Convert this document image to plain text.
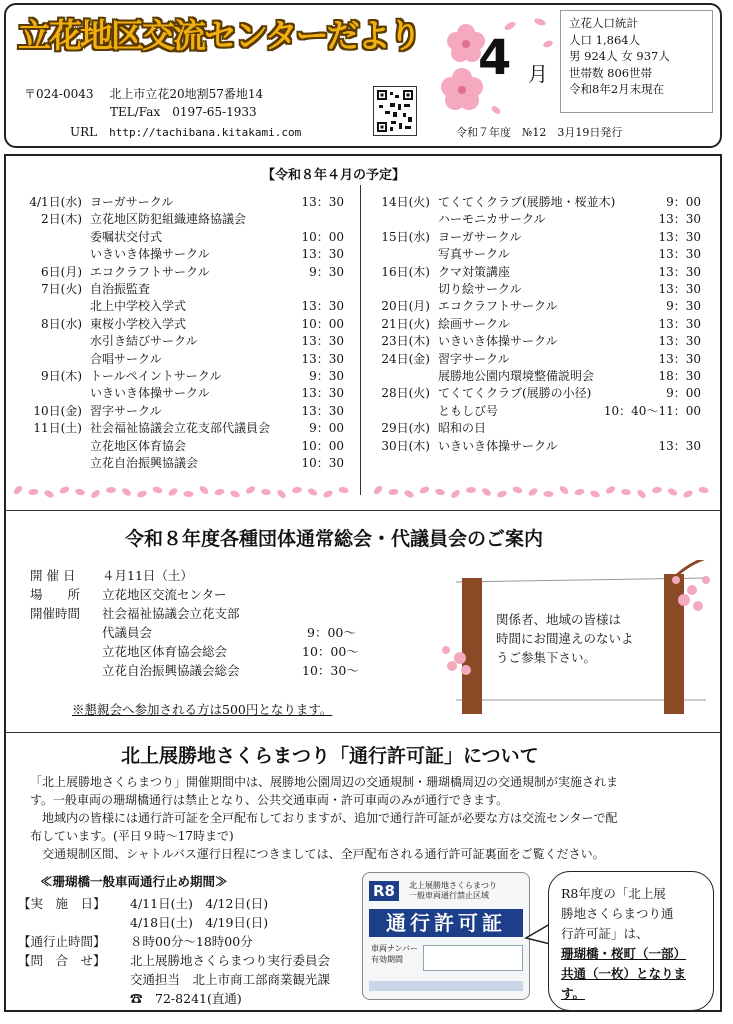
立花地区交流センターだより
〒024-0043　 北上市立花20地割57番地14
TEL/Fax　0197-65-1933
URL　 http://tachibana.kitakami.com
4 月
立花人口統計
人口 1,864人
男 924人 女 937人
世帯数 806世帯
令和8年2月末現在
令和７年度　№12　3月19日発行
【令和８年４月の予定】
4/1日(水) ヨーガサークル	13：30
2日(木) 立花地区防犯組織連絡協議会
委嘱状交付式	10：00
いきいき体操サークル	13：30
6日(月) エコクラフトサークル	9：30
7日(火) 自治振監査
北上中学校入学式	13：30
8日(水) 東桜小学校入学式	10：00
水引き結びサークル	13：30
合唱サークル	13：30
9日(木) トールペイントサークル	9：30
いきいき体操サークル	13：30
10日(金) 習字サークル	13：30
11日(土) 社会福祉協議会立花支部代議員会	9：00
立花地区体育協会	10：00
立花自治振興協議会	10：30
14日(火) てくてくクラブ(展勝地・桜並木)	9：00
ハーモニカサークル	13：30
15日(水) ヨーガサークル	13：30
写真サークル	13：30
16日(木) クマ対策講座	13：30
切り絵サークル	13：30
20日(月) エコクラフトサークル	9：30
21日(火) 絵画サークル	13：30
23日(木) いきいき体操サークル	13：30
24日(金) 習字サークル	13：30
展勝地公園内環境整備説明会	18：30
28日(火) てくてくクラブ(展勝の小径)	9：00
ともしび号	10：40～11：00
29日(水) 昭和の日
30日(木) いきいき体操サークル	13：30
令和８年度各種団体通常総会・代議員会のご案内
開 催 日 ４月11日（土）
場　　所 立花地区交流センター
開催時間 社会福祉協議会立花支部
代議員会	9：00～
立花地区体育協会総会	10：00～
立花自治振興協議会総会	10：30～
※懇親会へ参加される方は500円となります。
関係者、地域の皆様は
時間にお間違えのないよ
うご参集下さい。
北上展勝地さくらまつり「通行許可証」について
「北上展勝地さくらまつり」開催期間中は、展勝地公園周辺の交通規制・珊瑚橋周辺の交通規制が実施されま
す。一般車両の珊瑚橋通行は禁止となり、公共交通車両・許可車両のみが通行できます。
　地域内の皆様には通行許可証を全戸配布しておりますが、追加で通行許可証が必要な方は交流センターで配
布しています。(平日９時～17時まで)
　交通規制区間、シャトルバス運行日程につきましては、全戸配布される通行許可証裏面をご覧ください。
≪珊瑚橋一般車両通行止め期間≫
【実　施　日】 4/11日(土)　4/12日(日)
4/18日(土)　4/19日(日)
【通行止時間】 ８時00分～18時00分
【問　合　せ】 北上展勝地さくらまつり実行委員会
交通担当　北上市商工部商業観光課
☎　 72-8241(直通)
R8	北上展勝地さくらまつり
一般車両通行禁止区域
通行許可証
車両ナンバー
有効期間
R8年度の「北上展
勝地さくらまつり通
行許可証」は、
珊瑚橋・桜町（一部）
共通（一枚）となりま
す。
